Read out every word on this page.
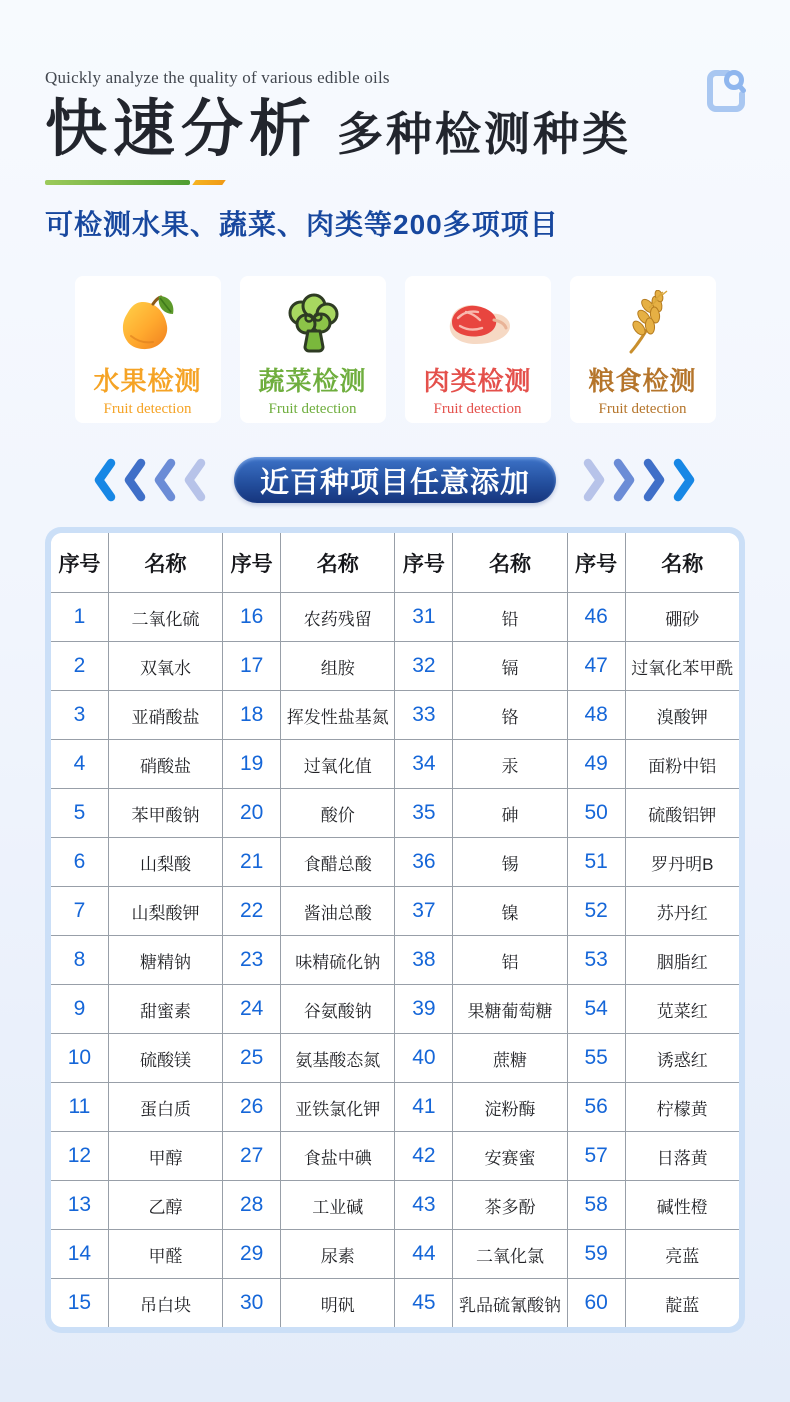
Quickly analyze the quality of various edible oils
快速分析 多种检测种类
可检测水果、蔬菜、肉类等200多项项目
水果检测
Fruit detection
蔬菜检测
Fruit detection
肉类检测
Fruit detection
粮食检测
Fruit detection
近百种项目任意添加
序号	名称	序号	名称	序号	名称	序号	名称
1	二氧化硫	16	农药残留	31	铅	46	硼砂
2	双氧水	17	组胺	32	镉	47	过氧化苯甲酰
3	亚硝酸盐	18	挥发性盐基氮	33	铬	48	溴酸钾
4	硝酸盐	19	过氧化值	34	汞	49	面粉中铝
5	苯甲酸钠	20	酸价	35	砷	50	硫酸铝钾
6	山梨酸	21	食醋总酸	36	锡	51	罗丹明B
7	山梨酸钾	22	酱油总酸	37	镍	52	苏丹红
8	糖精钠	23	味精硫化钠	38	铝	53	胭脂红
9	甜蜜素	24	谷氨酸钠	39	果糖葡萄糖	54	苋菜红
10	硫酸镁	25	氨基酸态氮	40	蔗糖	55	诱惑红
11	蛋白质	26	亚铁氯化钾	41	淀粉酶	56	柠檬黄
12	甲醇	27	食盐中碘	42	安赛蜜	57	日落黄
13	乙醇	28	工业碱	43	茶多酚	58	碱性橙
14	甲醛	29	尿素	44	二氧化氯	59	亮蓝
15	吊白块	30	明矾	45	乳品硫氰酸钠	60	靛蓝
